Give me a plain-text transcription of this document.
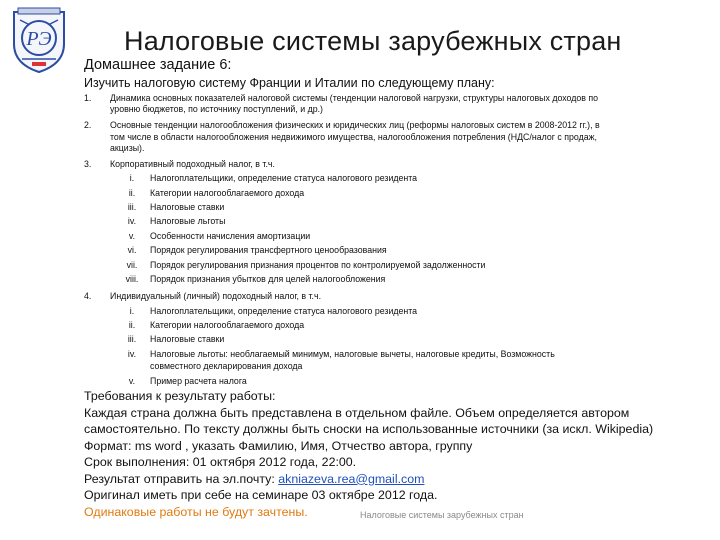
РЭ	Налоговые системы зарубежных стран
Домашнее задание 6:
Изучить налоговую систему Франции и Италии по следующему плану:
1. Динамика основных показателей налоговой системы (тенденции налоговой нагрузки, структуры налоговых доходов по
уровню бюджетов, по источнику поступлений, и др.)
2. Основные тенденции налогообложения физических и юридических лиц (реформы налоговых систем в 2008-2012 гг.), в
том числе в области налогообложения недвижимого имущества, налогообложения потребления (НДС/налог с продаж,
акцизы).
3. Корпоративный подоходный налог, в т.ч.
i.	Налогоплательщики, определение статуса налогового резидента
ii.	Категории налогооблагаемого дохода
iii.	Налоговые ставки
iv.	Налоговые льготы
v.	Особенности начисления амортизации
vi.	Порядок регулирования трансфертного ценообразования
vii.	Порядок регулирования признания процентов по контролируемой задолженности
viii.	Порядок признания убытков для целей налогообложения
4. Индивидуальный (личный) подоходный налог, в т.ч.
i.	Налогоплательщики, определение статуса налогового резидента
ii.	Категории налогооблагаемого дохода
iii.	Налоговые ставки
iv.	Налоговые льготы: необлагаемый минимум, налоговые вычеты, налоговые кредиты, Возможность
совместного декларирования дохода
v.	Пример расчета налога
Требования к результату работы:
Каждая страна должна быть представлена в отдельном файле. Объем определяется автором
самостоятельно. По тексту должны быть сноски на использованные источники (за искл. Wikipedia)
Формат: ms word , указать Фамилию, Имя, Отчество автора, группу
Срок выполнения: 01 октября 2012 года, 22:00.
Результат отправить на эл.почту: akniazeva.rea@gmail.com
Оригинал иметь при себе на семинаре 03 октябре 2012 года.
Одинаковые работы не будут зачтены.	Налоговые системы зарубежных стран
